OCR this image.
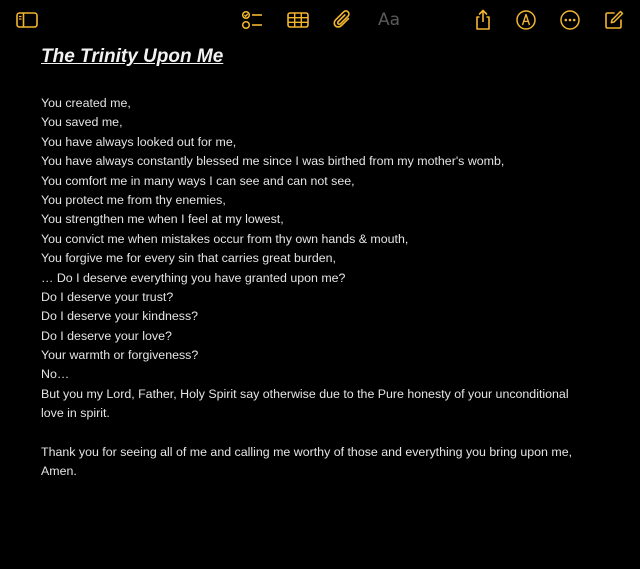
Aa
The Trinity Upon Me
You created me,
You saved me,
You have always looked out for me,
You have always constantly blessed me since I was birthed from my mother's womb,
You comfort me in many ways I can see and can not see,
You protect me from thy enemies,
You strengthen me when I feel at my lowest,
You convict me when mistakes occur from thy own hands & mouth,
You forgive me for every sin that carries great burden,
… Do I deserve everything you have granted upon me?
Do I deserve your trust?
Do I deserve your kindness?
Do I deserve your love?
Your warmth or forgiveness?
No…
But you my Lord, Father, Holy Spirit say otherwise due to the Pure honesty of your unconditional
love in spirit.
Thank you for seeing all of me and calling me worthy of those and everything you bring upon me,
Amen.
